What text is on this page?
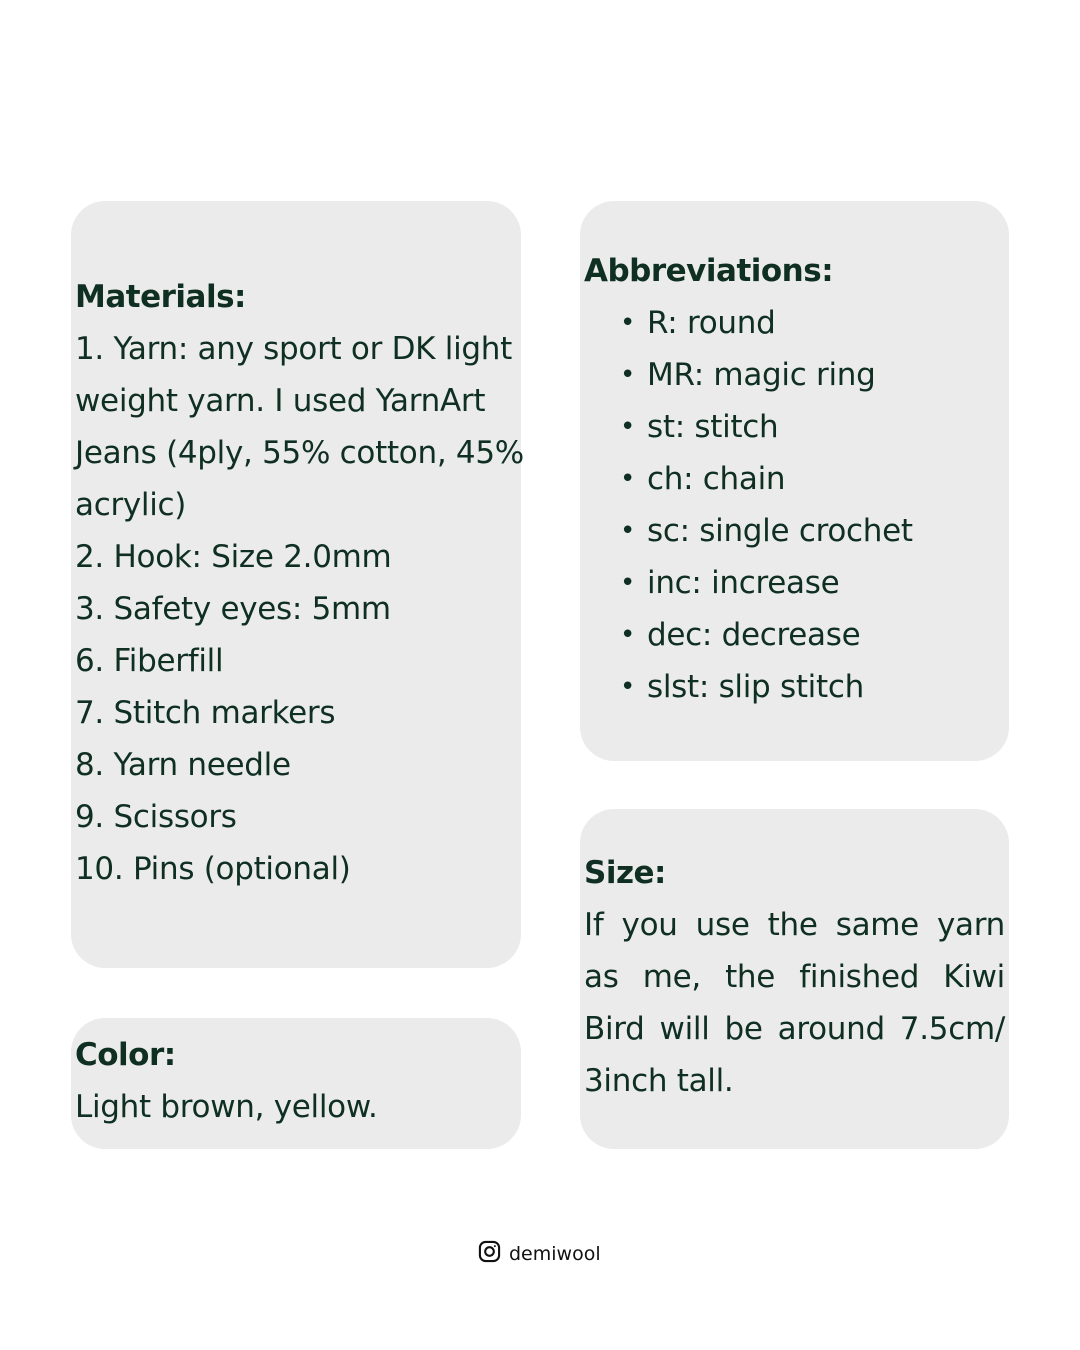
Materials:
1. Yarn: any sport or DK light
weight yarn. I used YarnArt
Jeans (4ply, 55% cotton, 45%
acrylic)
2. Hook: Size 2.0mm
3. Safety eyes: 5mm
6. Fiberfill
7. Stitch markers
8. Yarn needle
9. Scissors
10. Pins (optional)
Color:
Light brown, yellow.
Abbreviations:
• R: round
• MR: magic ring
• st: stitch
• ch: chain
• sc: single crochet
• inc: increase
• dec: decrease
• slst: slip stitch
Size:
If you use the same yarn as me, the finished Kiwi Bird will be around 7.5cm/ 3inch tall.
demiwool
